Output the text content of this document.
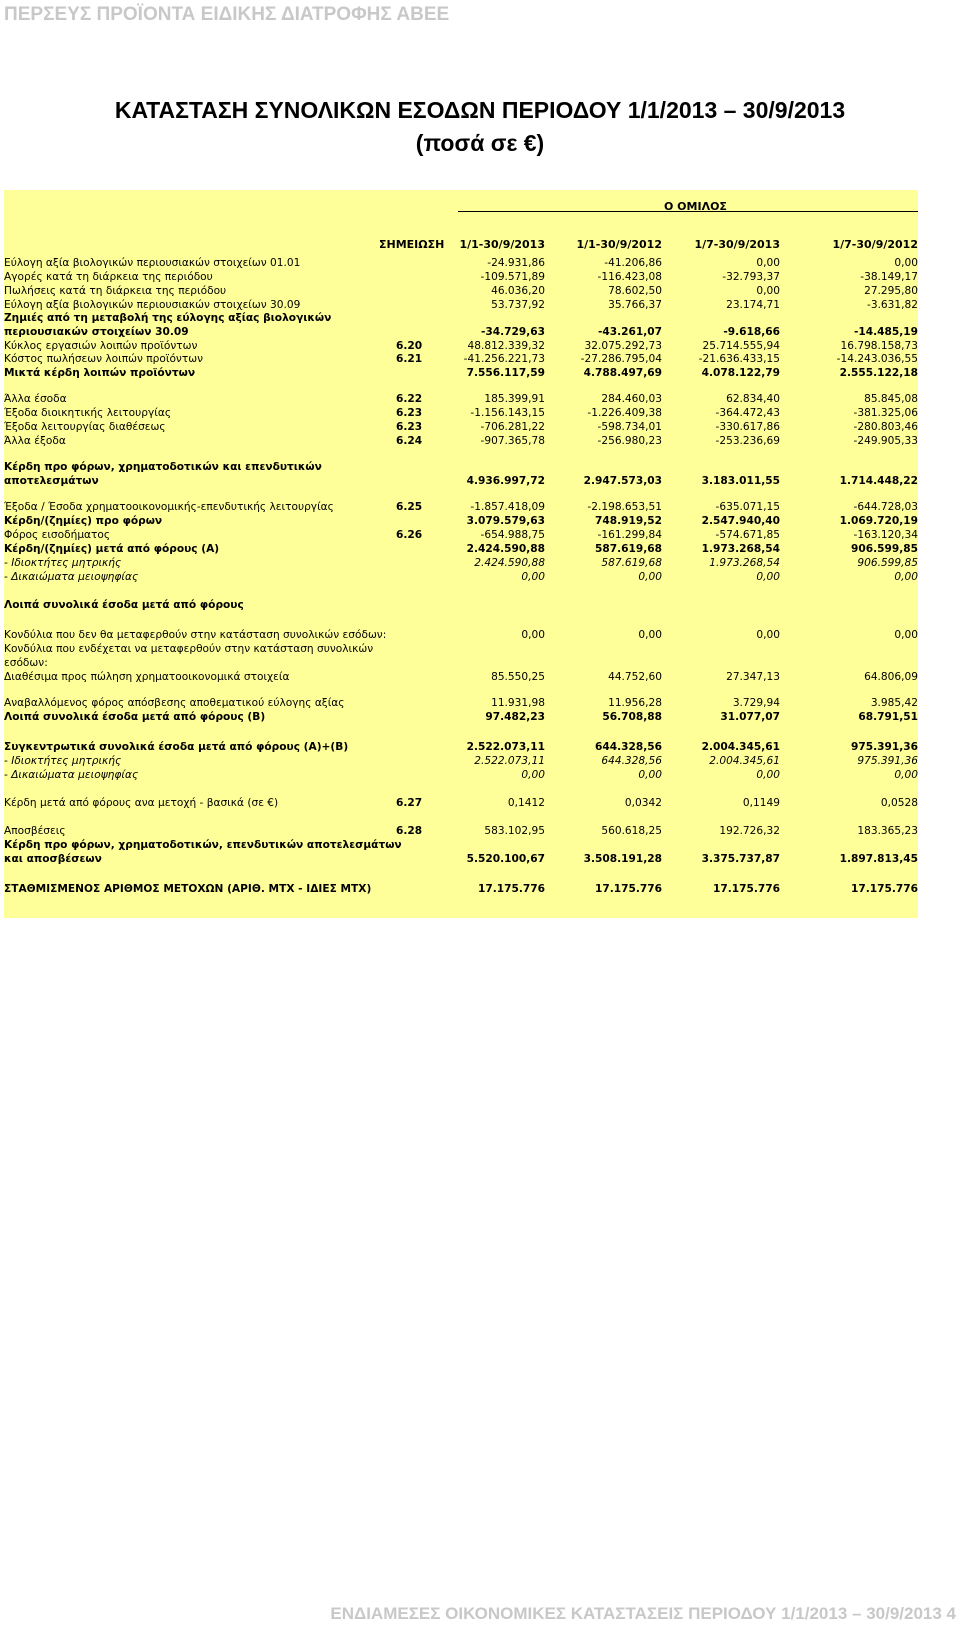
ΠΕΡΣΕΥΣ ΠΡΟΪΟΝΤΑ ΕΙΔΙΚΗΣ ΔΙΑΤΡΟΦΗΣ ΑΒΕΕ
ΚΑΤΑΣΤΑΣΗ ΣΥΝΟΛΙΚΩΝ ΕΣΟΔΩΝ ΠΕΡΙΟΔΟΥ 1/1/2013 – 30/9/2013
(ποσά σε €)
Ο ΟΜΙΛΟΣ
ΣΗΜΕΙΩΣΗ	1/1-30/9/2013	1/1-30/9/2012	1/7-30/9/2013	1/7-30/9/2012
Εύλογη αξία βιολογικών περιουσιακών στοιχείων 01.01	-24.931,86	-41.206,86	0,00	0,00
Αγορές κατά τη διάρκεια της περιόδου	-109.571,89	-116.423,08	-32.793,37	-38.149,17
Πωλήσεις κατά τη διάρκεια της περιόδου	46.036,20	78.602,50	0,00	27.295,80
Εύλογη αξία βιολογικών περιουσιακών στοιχείων 30.09	53.737,92	35.766,37	23.174,71	-3.631,82
Ζημιές από τη μεταβολή της εύλογης αξίας βιολογικών
περιουσιακών στοιχείων 30.09	-34.729,63	-43.261,07	-9.618,66	-14.485,19
Κύκλος εργασιών λοιπών προϊόντων	6.20	48.812.339,32	32.075.292,73	25.714.555,94	16.798.158,73
Κόστος πωλήσεων λοιπών προϊόντων	6.21	-41.256.221,73	-27.286.795,04	-21.636.433,15	-14.243.036,55
Μικτά κέρδη λοιπών προϊόντων	7.556.117,59	4.788.497,69	4.078.122,79	2.555.122,18
Άλλα έσοδα	6.22	185.399,91	284.460,03	62.834,40	85.845,08
Έξοδα διοικητικής λειτουργίας	6.23	-1.156.143,15	-1.226.409,38	-364.472,43	-381.325,06
Έξοδα λειτουργίας διαθέσεως	6.23	-706.281,22	-598.734,01	-330.617,86	-280.803,46
Άλλα έξοδα	6.24	-907.365,78	-256.980,23	-253.236,69	-249.905,33
Κέρδη προ φόρων, χρηματοδοτικών και επενδυτικών
αποτελεσμάτων	4.936.997,72	2.947.573,03	3.183.011,55	1.714.448,22
Έξοδα / Έσοδα χρηματοοικονομικής-επενδυτικής λειτουργίας	6.25	-1.857.418,09	-2.198.653,51	-635.071,15	-644.728,03
Κέρδη/(ζημίες) προ φόρων	3.079.579,63	748.919,52	2.547.940,40	1.069.720,19
Φόρος εισοδήματος	6.26	-654.988,75	-161.299,84	-574.671,85	-163.120,34
Κέρδη/(ζημίες) μετά από φόρους (Α)	2.424.590,88	587.619,68	1.973.268,54	906.599,85
- Ιδιοκτήτες μητρικής	2.424.590,88	587.619,68	1.973.268,54	906.599,85
- Δικαιώματα μειοψηφίας	0,00	0,00	0,00	0,00
Λοιπά συνολικά έσοδα μετά από φόρους
Κονδύλια που δεν θα μεταφερθούν στην κατάσταση συνολικών εσόδων:	0,00	0,00	0,00	0,00
Κονδύλια που ενδέχεται να μεταφερθούν στην κατάσταση συνολικών
εσόδων:
Διαθέσιμα προς πώληση χρηματοοικονομικά στοιχεία	85.550,25	44.752,60	27.347,13	64.806,09
Αναβαλλόμενος φόρος απόσβεσης αποθεματικού εύλογης αξίας	11.931,98	11.956,28	3.729,94	3.985,42
Λοιπά συνολικά έσοδα μετά από φόρους (Β)	97.482,23	56.708,88	31.077,07	68.791,51
Συγκεντρωτικά συνολικά έσοδα μετά από φόρους (Α)+(Β)	2.522.073,11	644.328,56	2.004.345,61	975.391,36
- Ιδιοκτήτες μητρικής	2.522.073,11	644.328,56	2.004.345,61	975.391,36
- Δικαιώματα μειοψηφίας	0,00	0,00	0,00	0,00
Κέρδη μετά από φόρους ανα μετοχή - βασικά (σε €)	6.27	0,1412	0,0342	0,1149	0,0528
Αποσβέσεις	6.28	583.102,95	560.618,25	192.726,32	183.365,23
Κέρδη προ φόρων, χρηματοδοτικών, επενδυτικών αποτελεσμάτων
και αποσβέσεων	5.520.100,67	3.508.191,28	3.375.737,87	1.897.813,45
ΣΤΑΘΜΙΣΜΕΝΟΣ ΑΡΙΘΜΟΣ ΜΕΤΟΧΩΝ (ΑΡΙΘ. ΜΤΧ - ΙΔΙΕΣ ΜΤΧ)	17.175.776	17.175.776	17.175.776	17.175.776
ΕΝΔΙΑΜΕΣΕΣ ΟΙΚΟΝΟΜΙΚΕΣ ΚΑΤΑΣΤΑΣΕΙΣ ΠΕΡΙΟΔΟΥ 1/1/2013 – 30/9/2013 4
